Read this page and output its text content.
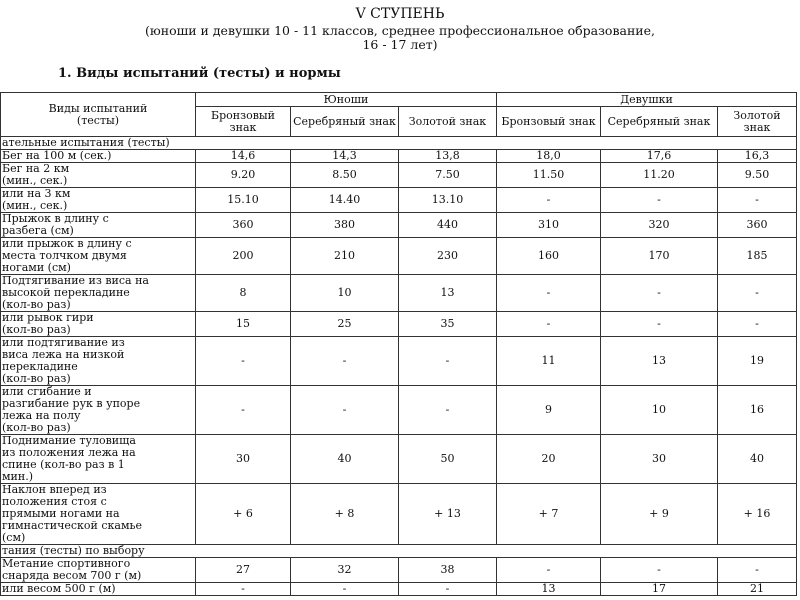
V СТУПЕНЬ
(юноши и девушки 10 - 11 классов, среднее профессиональное образование,
16 - 17 лет)
1. Виды испытаний (тесты) и нормы
Виды испытаний
(тесты)	Юноши			Девушки		
	Бронзовый знак	Серебряный знак	Золотой знак	Бронзовый знак	Серебряный знак	Золотой знак
ательные испытания (тесты)						
Бег на 100 м (сек.)	14,6	14,3	13,8	18,0	17,6	16,3
Бег на 2 км
(мин., сек.)	9.20	8.50	7.50	11.50	11.20	9.50
или на 3 км
(мин., сек.)	15.10	14.40	13.10	-	-	-
Прыжок в длину с
разбега (см)	360	380	440	310	320	360
или прыжок в длину с
места толчком двумя
ногами (см)	200	210	230	160	170	185
Подтягивание из виса на
высокой перекладине
(кол-во раз)	8	10	13	-	-	-
или рывок гири
(кол-во раз)	15	25	35	-	-	-
или подтягивание из
виса лежа на низкой
перекладине
(кол-во раз)	-	-	-	11	13	19
или сгибание и
разгибание рук в упоре
лежа на полу
(кол-во раз)	-	-	-	9	10	16
Поднимание туловища
из положения лежа на
спине (кол-во раз в 1
мин.)	30	40	50	20	30	40
Наклон вперед из
положения стоя с
прямыми ногами на
гимнастической скамье
(см)	+ 6	+ 8	+ 13	+ 7	+ 9	+ 16
тания (тесты) по выбору						
Метание спортивного
снаряда весом 700 г (м)	27	32	38	-	-	-
или весом 500 г (м)	-	-	-	13	17	21
